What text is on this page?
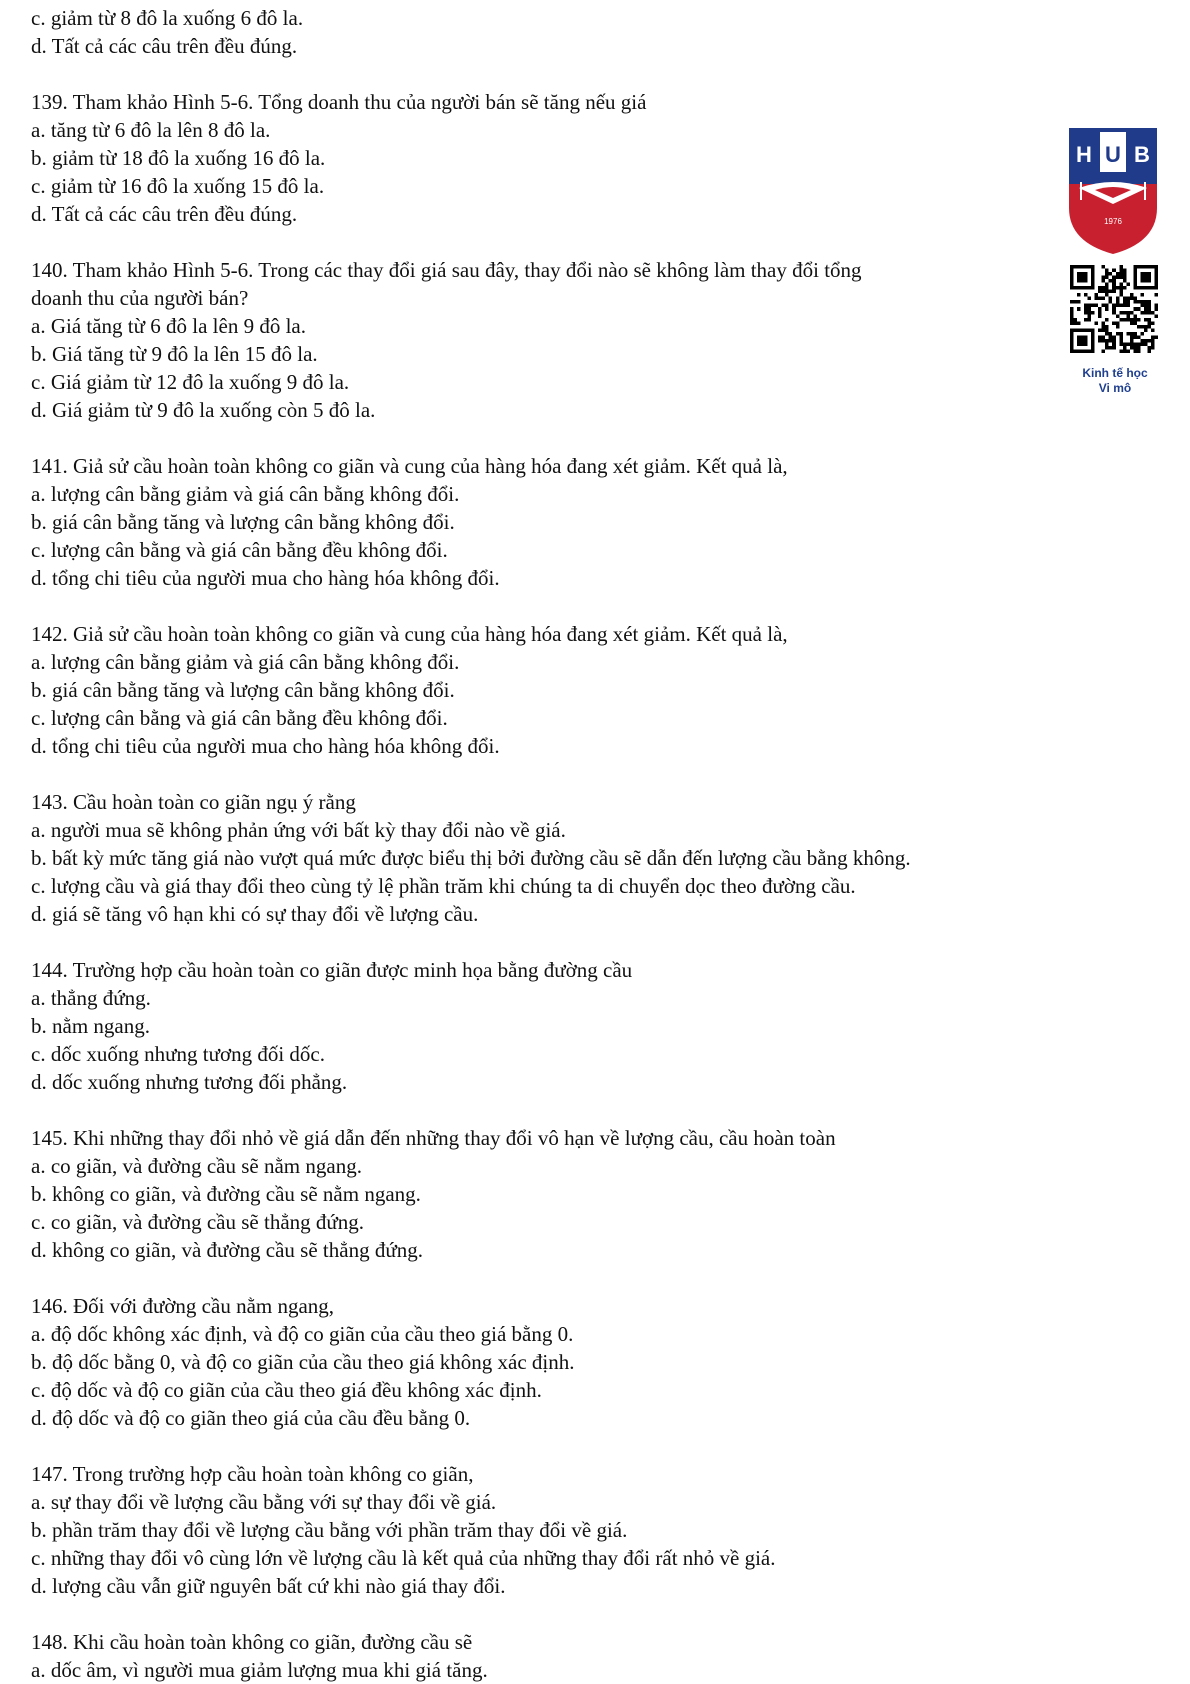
c. giảm từ 8 đô la xuống 6 đô la.
d. Tất cả các câu trên đều đúng.
139. Tham khảo Hình 5-6. Tổng doanh thu của người bán sẽ tăng nếu giá
a. tăng từ 6 đô la lên 8 đô la.
b. giảm từ 18 đô la xuống 16 đô la.
c. giảm từ 16 đô la xuống 15 đô la.
d. Tất cả các câu trên đều đúng.
140. Tham khảo Hình 5-6. Trong các thay đổi giá sau đây, thay đổi nào sẽ không làm thay đổi tổng
doanh thu của người bán?
a. Giá tăng từ 6 đô la lên 9 đô la.
b. Giá tăng từ 9 đô la lên 15 đô la.
c. Giá giảm từ 12 đô la xuống 9 đô la.
d. Giá giảm từ 9 đô la xuống còn 5 đô la.
141. Giả sử cầu hoàn toàn không co giãn và cung của hàng hóa đang xét giảm. Kết quả là,
a. lượng cân bằng giảm và giá cân bằng không đổi.
b. giá cân bằng tăng và lượng cân bằng không đổi.
c. lượng cân bằng và giá cân bằng đều không đổi.
d. tổng chi tiêu của người mua cho hàng hóa không đổi.
142. Giả sử cầu hoàn toàn không co giãn và cung của hàng hóa đang xét giảm. Kết quả là,
a. lượng cân bằng giảm và giá cân bằng không đổi.
b. giá cân bằng tăng và lượng cân bằng không đổi.
c. lượng cân bằng và giá cân bằng đều không đổi.
d. tổng chi tiêu của người mua cho hàng hóa không đổi.
143. Cầu hoàn toàn co giãn ngụ ý rằng
a. người mua sẽ không phản ứng với bất kỳ thay đổi nào về giá.
b. bất kỳ mức tăng giá nào vượt quá mức được biểu thị bởi đường cầu sẽ dẫn đến lượng cầu bằng không.
c. lượng cầu và giá thay đổi theo cùng tỷ lệ phần trăm khi chúng ta di chuyển dọc theo đường cầu.
d. giá sẽ tăng vô hạn khi có sự thay đổi về lượng cầu.
144. Trường hợp cầu hoàn toàn co giãn được minh họa bằng đường cầu
a. thẳng đứng.
b. nằm ngang.
c. dốc xuống nhưng tương đối dốc.
d. dốc xuống nhưng tương đối phẳng.
145. Khi những thay đổi nhỏ về giá dẫn đến những thay đổi vô hạn về lượng cầu, cầu hoàn toàn
a. co giãn, và đường cầu sẽ nằm ngang.
b. không co giãn, và đường cầu sẽ nằm ngang.
c. co giãn, và đường cầu sẽ thẳng đứng.
d. không co giãn, và đường cầu sẽ thẳng đứng.
146. Đối với đường cầu nằm ngang,
a. độ dốc không xác định, và độ co giãn của cầu theo giá bằng 0.
b. độ dốc bằng 0, và độ co giãn của cầu theo giá không xác định.
c. độ dốc và độ co giãn của cầu theo giá đều không xác định.
d. độ dốc và độ co giãn theo giá của cầu đều bằng 0.
147. Trong trường hợp cầu hoàn toàn không co giãn,
a. sự thay đổi về lượng cầu bằng với sự thay đổi về giá.
b. phần trăm thay đổi về lượng cầu bằng với phần trăm thay đổi về giá.
c. những thay đổi vô cùng lớn về lượng cầu là kết quả của những thay đổi rất nhỏ về giá.
d. lượng cầu vẫn giữ nguyên bất cứ khi nào giá thay đổi.
148. Khi cầu hoàn toàn không co giãn, đường cầu sẽ
a. dốc âm, vì người mua giảm lượng mua khi giá tăng.
H U B
1976
Kinh tế học
Vi mô
